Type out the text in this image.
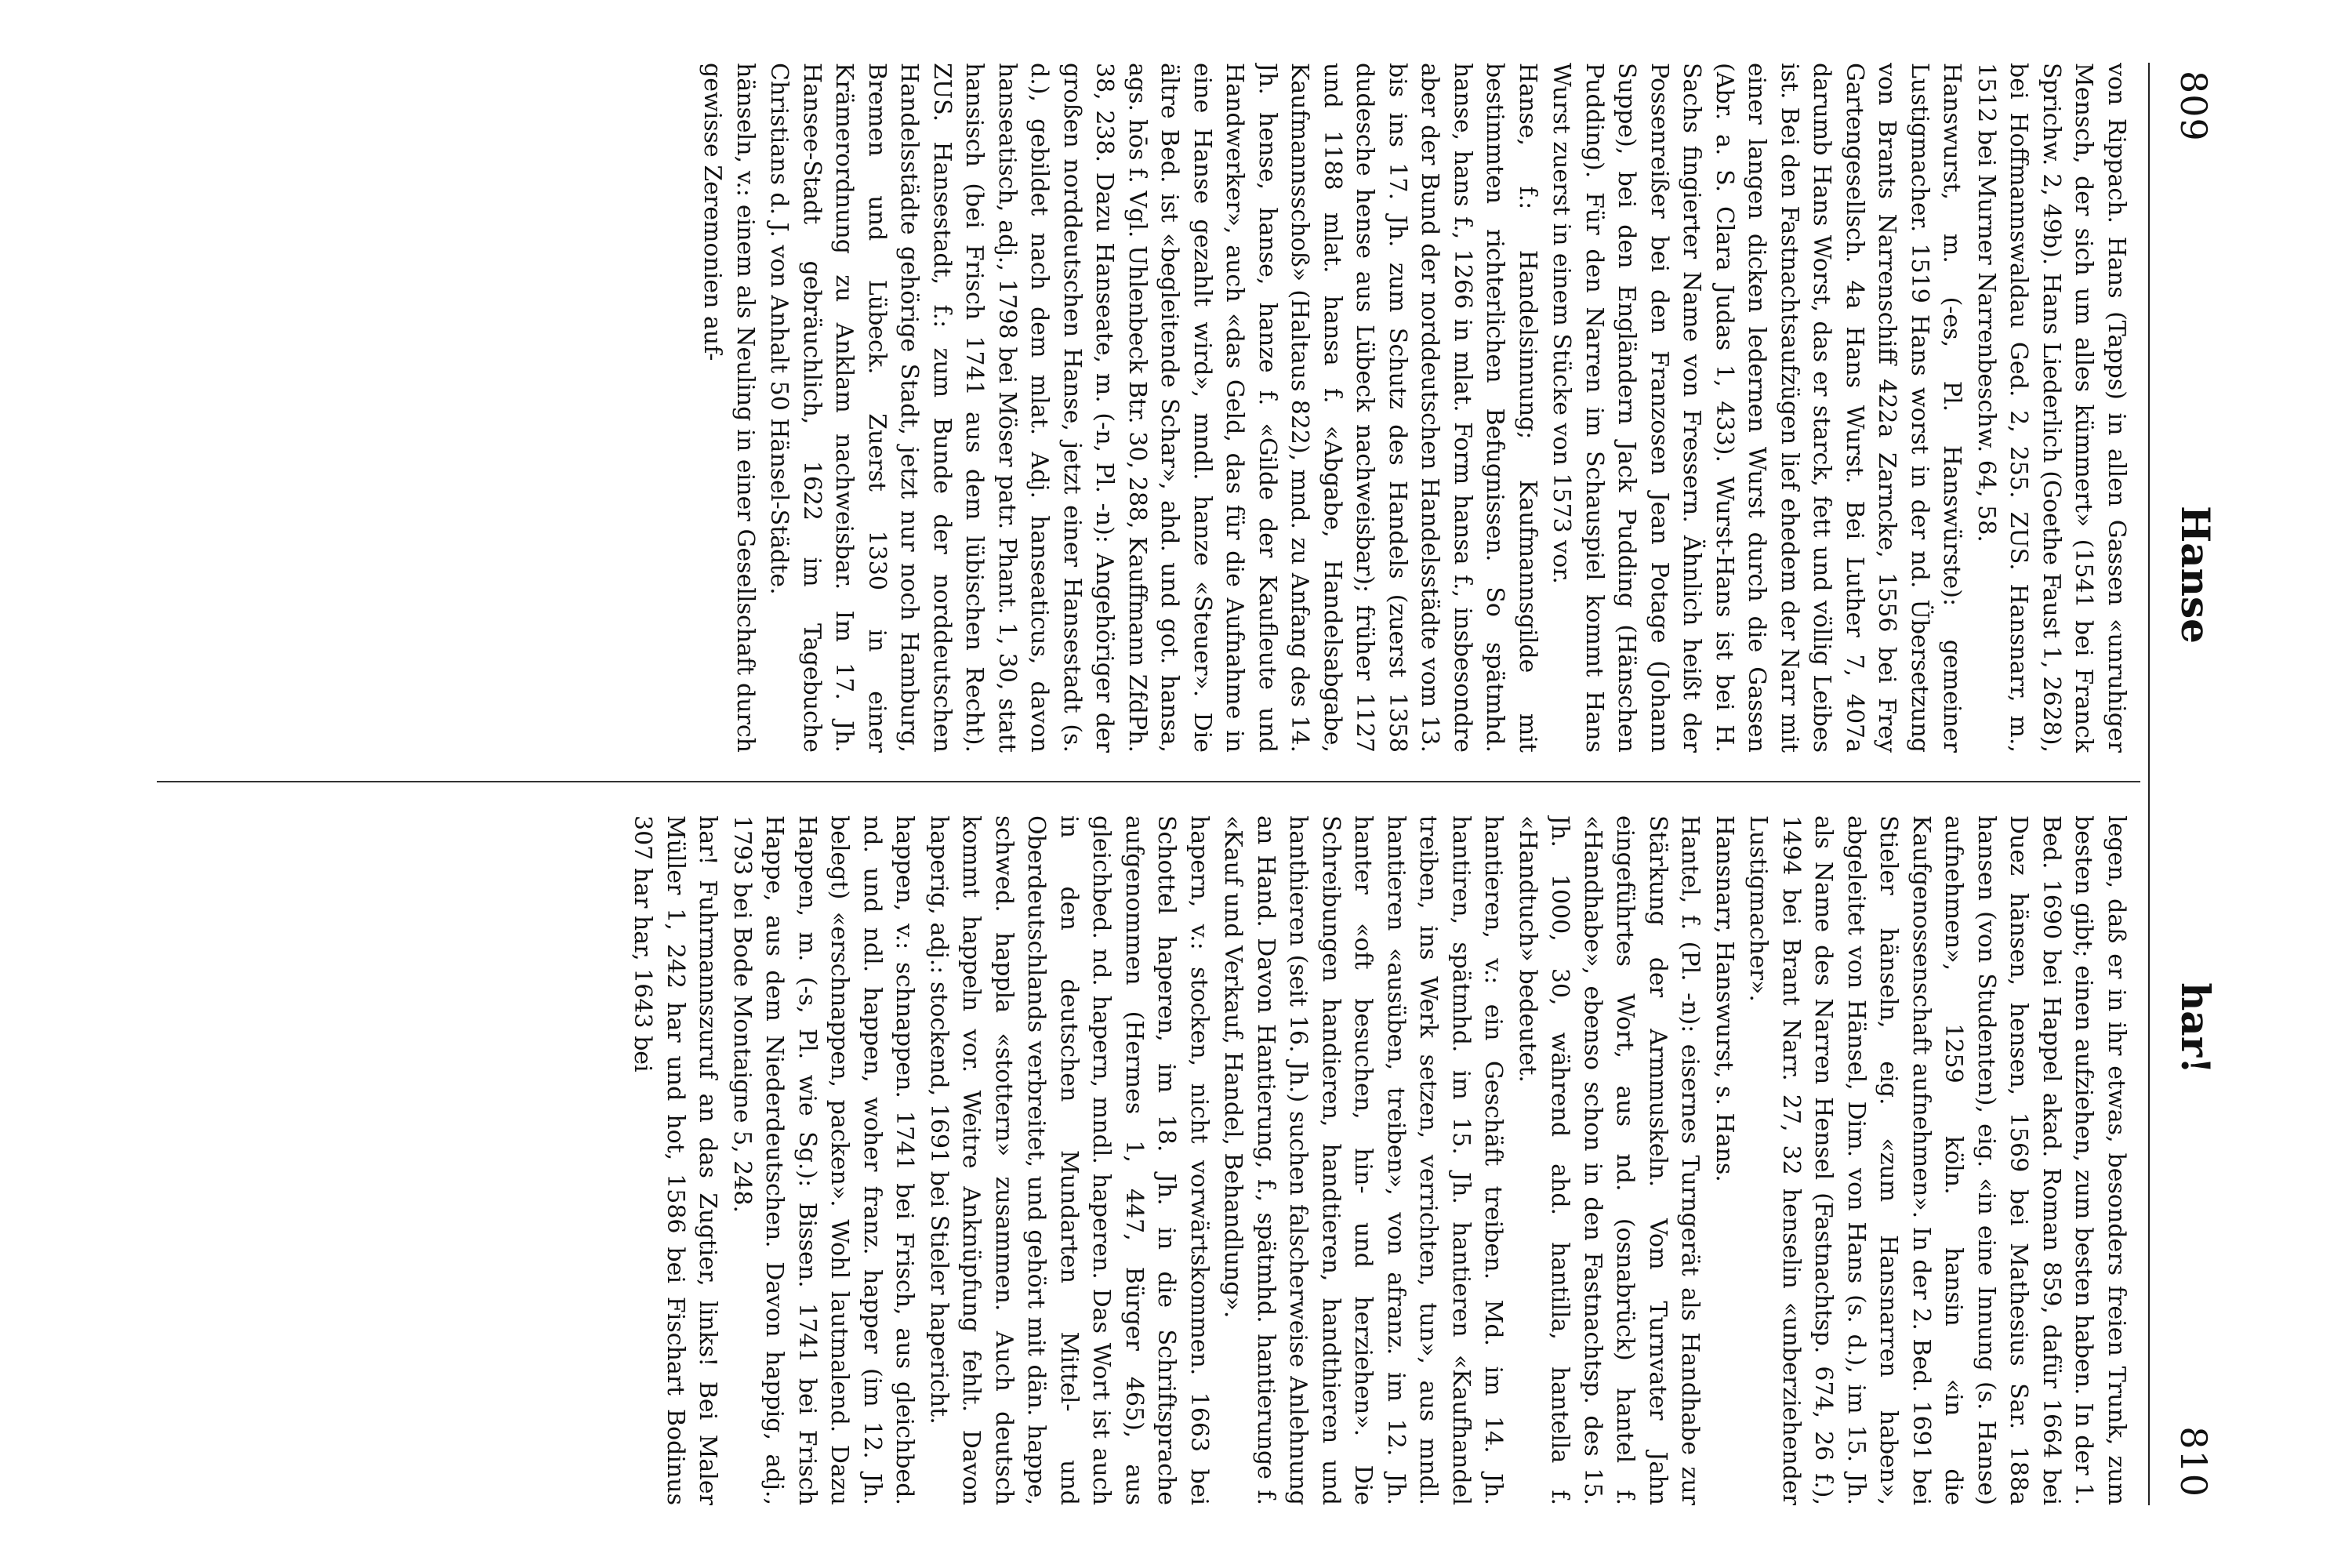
809
Hanse
har!
810

von Rippach. Hans (Tapps) in allen Gassen «unruhiger Mensch, der sich um alles kümmert» (1541 bei Franck Sprichw. 2, 49b). Hans Liederlich (Goethe Faust 1, 2628), bei Hoffmannswaldau Ged. 2, 255. ZUS. Hansnarr, m., 1512 bei Murner Narrenbeschw. 64, 58.

Hanswurst, m. (-es, Pl. Hanswürste): gemeiner Lustigmacher. 1519 Hans worst in der nd. Übersetzung von Brants Narrenschiff 422a Zarncke, 1556 bei Frey Gartengesellsch. 4a Hans Wurst. Bei Luther 7, 407a darumb Hans Worst, das er starck, fett und völlig Leibes ist. Bei den Fastnachtsaufzügen lief ehedem der Narr mit einer langen dicken ledernen Wurst durch die Gassen (Abr. a. S. Clara Judas 1, 433). Wurst-Hans ist bei H. Sachs fingierter Name von Fressern. Ähnlich heißt der Possenreißer bei den Franzosen Jean Potage (Johann Suppe), bei den Engländern Jack Pudding (Hänschen Pudding). Für den Narren im Schauspiel kommt Hans Wurst zuerst in einem Stücke von 1573 vor.

Hanse, f.: Handelsinnung; Kaufmannsgilde mit bestimmten richterlichen Befugnissen. So spätmhd. hanse, hans f., 1266 in mlat. Form hansa f., insbesondre aber der Bund der norddeutschen Handelsstädte vom 13. bis ins 17. Jh. zum Schutz des Handels (zuerst 1358 dudesche hense aus Lübeck nachweisbar); früher 1127 und 1188 mlat. hansa f. «Abgabe, Handelsabgabe, Kaufmannsschoß» (Haltaus 822), mnd. zu Anfang des 14. Jh. hense, hanse, hanze f. «Gilde der Kaufleute und Handwerker», auch «das Geld, das für die Aufnahme in eine Hanse gezahlt wird», mndl. hanze «Steuer». Die ältre Bed. ist «begleitende Schar», ahd. und got. hansa, ags. hōs f. Vgl. Uhlenbeck Btr. 30, 288, Kauffmann ZfdPh. 38, 238. Dazu Hanseate, m. (-n, Pl. -n): Angehöriger der großen norddeutschen Hanse, jetzt einer Hansestadt (s. d.), gebildet nach dem mlat. Adj. hanseaticus, davon hanseatisch, adj., 1798 bei Möser patr. Phant. 1, 30, statt hansisch (bei Frisch 1741 aus dem lübischen Recht). ZUS. Hansestadt, f.: zum Bunde der norddeutschen Handelsstädte gehörige Stadt, jetzt nur noch Hamburg, Bremen und Lübeck. Zuerst 1330 in einer Krämerordnung zu Anklam nachweisbar. Im 17. Jh. Hansee-Stadt gebräuchlich, 1622 im Tagebuche Christians d. J. von Anhalt 50 Hänsel-Städte.

hänseln, v.: einem als Neuling in einer Gesellschaft durch gewisse Zeremonien auf-

legen, daß er in ihr etwas, besonders freien Trunk, zum besten gibt; einen aufziehen, zum besten haben. In der 1. Bed. 1690 bei Happel akad. Roman 859, dafür 1664 bei Duez hänsen, hensen, 1569 bei Mathesius Sar. 188a hansen (von Studenten), eig. «in eine Innung (s. Hanse) aufnehmen», 1259 köln. hansin «in die Kaufgenossenschaft aufnehmen». In der 2. Bed. 1691 bei Stieler hänseln, eig. «zum Hansnarren haben», abgeleitet von Hänsel, Dim. von Hans (s. d.), im 15. Jh. als Name des Narren Hensel (Fastnachtsp. 674, 26 f.), 1494 bei Brant Narr. 27, 32 henselin «unberziehender Lustigmacher».

Hansnarr, Hanswurst, s. Hans.

Hantel, f. (Pl. -n): eisernes Turngerät als Handhabe zur Stärkung der Armmuskeln. Vom Turnvater Jahn eingeführtes Wort, aus nd. (osnabrück) hantel f. «Handhabe», ebenso schon in den Fastnachtsp. des 15. Jh. 1000, 30, während ahd. hantilla, hantella f. «Handtuch» bedeutet.

hantieren, v.: ein Geschäft treiben. Md. im 14. Jh. hantiren, spätmhd. im 15. Jh. hantieren «Kaufhandel treiben, ins Werk setzen, verrichten, tun», aus mndl. hantieren «ausüben, treiben», von afranz. im 12. Jh. hanter «oft besuchen, hin- und herziehen». Die Schreibungen handieren, handtieren, handthieren und hanthieren (seit 16. Jh.) suchen falscherweise Anlehnung an Hand. Davon Hantierung, f., spätmhd. hantierunge f. «Kauf und Verkauf, Handel, Behandlung».

hapern, v.: stocken, nicht vorwärtskommen. 1663 bei Schottel haperen, im 18. Jh. in die Schriftsprache aufgenommen (Hermes 1, 447, Bürger 465), aus gleichbed. nd. hapern, mndl. haperen. Das Wort ist auch in den deutschen Mundarten Mittel- und Oberdeutschlands verbreitet, und gehört mit dän. happe, schwed. happla «stottern» zusammen. Auch deutsch kommt happeln vor. Weitre Anknüpfung fehlt. Davon haperig, adj.: stockend, 1691 bei Stieler hapericht.

happen, v.: schnappen. 1741 bei Frisch, aus gleichbed. nd. und ndl. happen, woher franz. happer (im 12. Jh. belegt) «erschnappen, packen». Wohl lautmalend. Dazu Happen, m. (-s, Pl. wie Sg.): Bissen. 1741 bei Frisch Happe, aus dem Niederdeutschen. Davon happig, adj., 1793 bei Bode Montaigne 5, 248.

har! Fuhrmannszuruf an das Zugtier, links! Bei Maler Müller 1, 242 har und hot, 1586 bei Fischart Bodinus 307 har har, 1643 bei
